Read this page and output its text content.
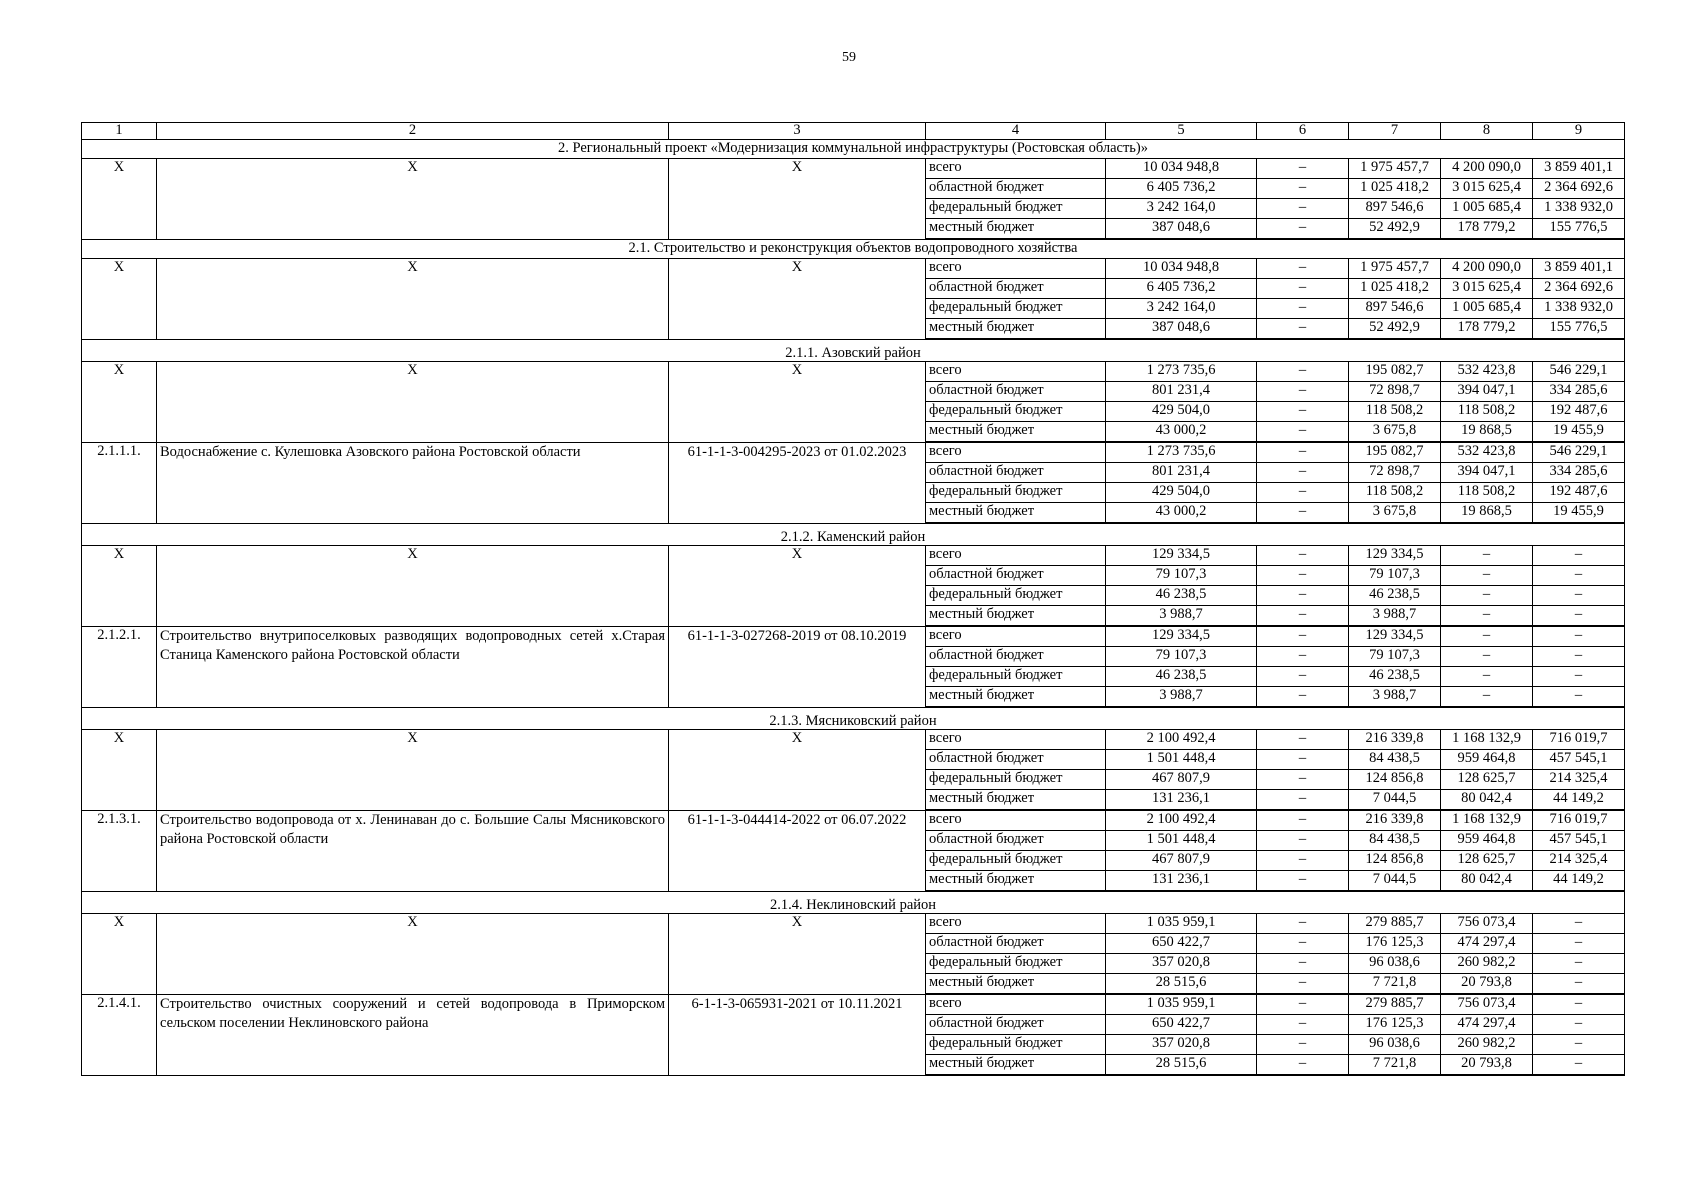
59
1	2	3	4	5	6	7	8	9
2. Региональный проект «Модернизация коммунальной инфраструктуры (Ростовская область)»								
Х	Х	Х	всего	10 034 948,8	–	1 975 457,7	4 200 090,0	3 859 401,1
			областной бюджет	6 405 736,2	–	1 025 418,2	3 015 625,4	2 364 692,6
			федеральный бюджет	3 242 164,0	–	897 546,6	1 005 685,4	1 338 932,0
			местный бюджет	387 048,6	–	52 492,9	178 779,2	155 776,5
2.1. Строительство и реконструкция объектов водопроводного хозяйства								
Х	Х	Х	всего	10 034 948,8	–	1 975 457,7	4 200 090,0	3 859 401,1
			областной бюджет	6 405 736,2	–	1 025 418,2	3 015 625,4	2 364 692,6
			федеральный бюджет	3 242 164,0	–	897 546,6	1 005 685,4	1 338 932,0
			местный бюджет	387 048,6	–	52 492,9	178 779,2	155 776,5
2.1.1. Азовский район								
Х	Х	Х	всего	1 273 735,6	–	195 082,7	532 423,8	546 229,1
			областной бюджет	801 231,4	–	72 898,7	394 047,1	334 285,6
			федеральный бюджет	429 504,0	–	118 508,2	118 508,2	192 487,6
			местный бюджет	43 000,2	–	3 675,8	19 868,5	19 455,9
2.1.1.1.	Водоснабжение с. Кулешовка Азовского района Ростовской области	61-1-1-3-004295-2023 от 01.02.2023	всего	1 273 735,6	–	195 082,7	532 423,8	546 229,1
			областной бюджет	801 231,4	–	72 898,7	394 047,1	334 285,6
			федеральный бюджет	429 504,0	–	118 508,2	118 508,2	192 487,6
			местный бюджет	43 000,2	–	3 675,8	19 868,5	19 455,9
2.1.2. Каменский район								
Х	Х	Х	всего	129 334,5	–	129 334,5	–	–
			областной бюджет	79 107,3	–	79 107,3	–	–
			федеральный бюджет	46 238,5	–	46 238,5	–	–
			местный бюджет	3 988,7	–	3 988,7	–	–
2.1.2.1.	Строительство внутрипоселковых разводящих водопроводных сетей х.Старая Станица Каменского района Ростовской области	61-1-1-3-027268-2019 от 08.10.2019	всего	129 334,5	–	129 334,5	–	–
			областной бюджет	79 107,3	–	79 107,3	–	–
			федеральный бюджет	46 238,5	–	46 238,5	–	–
			местный бюджет	3 988,7	–	3 988,7	–	–
2.1.3. Мясниковский район								
Х	Х	Х	всего	2 100 492,4	–	216 339,8	1 168 132,9	716 019,7
			областной бюджет	1 501 448,4	–	84 438,5	959 464,8	457 545,1
			федеральный бюджет	467 807,9	–	124 856,8	128 625,7	214 325,4
			местный бюджет	131 236,1	–	7 044,5	80 042,4	44 149,2
2.1.3.1.	Строительство водопровода от х. Ленинаван до с. Большие Салы Мясниковского района Ростовской области	61-1-1-3-044414-2022 от 06.07.2022	всего	2 100 492,4	–	216 339,8	1 168 132,9	716 019,7
			областной бюджет	1 501 448,4	–	84 438,5	959 464,8	457 545,1
			федеральный бюджет	467 807,9	–	124 856,8	128 625,7	214 325,4
			местный бюджет	131 236,1	–	7 044,5	80 042,4	44 149,2
2.1.4. Неклиновский район								
Х	Х	Х	всего	1 035 959,1	–	279 885,7	756 073,4	–
			областной бюджет	650 422,7	–	176 125,3	474 297,4	–
			федеральный бюджет	357 020,8	–	96 038,6	260 982,2	–
			местный бюджет	28 515,6	–	7 721,8	20 793,8	–
2.1.4.1.	Строительство очистных сооружений и сетей водопровода в Приморском сельском поселении Неклиновского района	6-1-1-3-065931-2021 от 10.11.2021	всего	1 035 959,1	–	279 885,7	756 073,4	–
			областной бюджет	650 422,7	–	176 125,3	474 297,4	–
			федеральный бюджет	357 020,8	–	96 038,6	260 982,2	–
			местный бюджет	28 515,6	–	7 721,8	20 793,8	–
